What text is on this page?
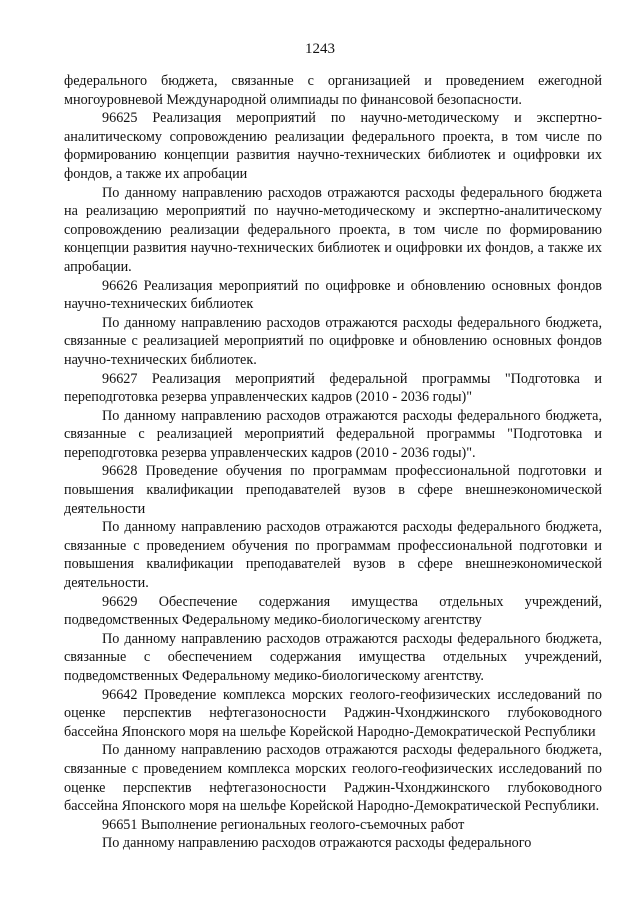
1243

федерального бюджета, связанные с организацией и проведением ежегодной многоуровневой Международной олимпиады по финансовой безопасности.

96625 Реализация мероприятий по научно-методическому и экспертно-аналитическому сопровождению реализации федерального проекта, в том числе по формированию концепции развития научно-технических библиотек и оцифровки их фондов, а также их апробации

По данному направлению расходов отражаются расходы федерального бюджета на реализацию мероприятий по научно-методическому и экспертно-аналитическому сопровождению реализации федерального проекта, в том числе по формированию концепции развития научно-технических библиотек и оцифровки их фондов, а также их апробации.

96626 Реализация мероприятий по оцифровке и обновлению основных фондов научно-технических библиотек

По данному направлению расходов отражаются расходы федерального бюджета, связанные с реализацией мероприятий по оцифровке и обновлению основных фондов научно-технических библиотек.

96627 Реализация мероприятий федеральной программы "Подготовка и переподготовка резерва управленческих кадров (2010 - 2036 годы)"

По данному направлению расходов отражаются расходы федерального бюджета, связанные с реализацией мероприятий федеральной программы "Подготовка и переподготовка резерва управленческих кадров (2010 - 2036 годы)".

96628 Проведение обучения по программам профессиональной подготовки и повышения квалификации преподавателей вузов в сфере внешнеэкономической деятельности

По данному направлению расходов отражаются расходы федерального бюджета, связанные с проведением обучения по программам профессиональной подготовки и повышения квалификации преподавателей вузов в сфере внешнеэкономической деятельности.

96629 Обеспечение содержания имущества отдельных учреждений, подведомственных Федеральному медико-биологическому агентству

По данному направлению расходов отражаются расходы федерального бюджета, связанные с обеспечением содержания имущества отдельных учреждений, подведомственных Федеральному медико-биологическому агентству.

96642 Проведение комплекса морских геолого-геофизических исследований по оценке перспектив нефтегазоносности Раджин-Чхонджинского глубоководного бассейна Японского моря на шельфе Корейской Народно-Демократической Республики

По данному направлению расходов отражаются расходы федерального бюджета, связанные с проведением комплекса морских геолого-геофизических исследований по оценке перспектив нефтегазоносности Раджин-Чхонджинского глубоководного бассейна Японского моря на шельфе Корейской Народно-Демократической Республики.

96651 Выполнение региональных геолого-съемочных работ

По данному направлению расходов отражаются расходы федерального
